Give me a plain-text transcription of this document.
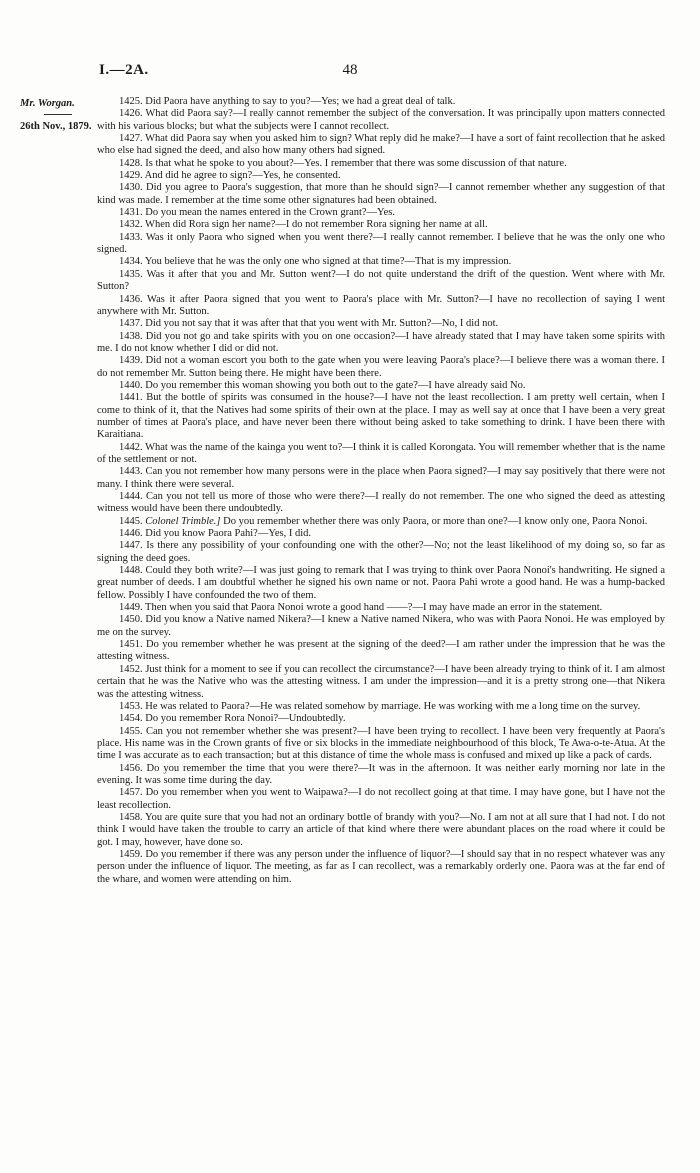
I.—2A.	48
Mr. Worgan.
26th Nov., 1879.

1425. Did Paora have anything to say to you?—Yes; we had a great deal of talk.

1426. What did Paora say?—I really cannot remember the subject of the conversation. It was principally upon matters connected with his various blocks; but what the subjects were I cannot recollect.

1427. What did Paora say when you asked him to sign? What reply did he make?—I have a sort of faint recollection that he asked who else had signed the deed, and also how many others had signed.

1428. Is that what he spoke to you about?—Yes. I remember that there was some discussion of that nature.

1429. And did he agree to sign?—Yes, he consented.

1430. Did you agree to Paora's suggestion, that more than he should sign?—I cannot remember whether any suggestion of that kind was made. I remember at the time some other signatures had been obtained.

1431. Do you mean the names entered in the Crown grant?—Yes.

1432. When did Rora sign her name?—I do not remember Rora signing her name at all.

1433. Was it only Paora who signed when you went there?—I really cannot remember. I believe that he was the only one who signed.

1434. You believe that he was the only one who signed at that time?—That is my impression.

1435. Was it after that you and Mr. Sutton went?—I do not quite understand the drift of the question. Went where with Mr. Sutton?

1436. Was it after Paora signed that you went to Paora's place with Mr. Sutton?—I have no recollection of saying I went anywhere with Mr. Sutton.

1437. Did you not say that it was after that that you went with Mr. Sutton?—No, I did not.

1438. Did you not go and take spirits with you on one occasion?—I have already stated that I may have taken some spirits with me. I do not know whether I did or did not.

1439. Did not a woman escort you both to the gate when you were leaving Paora's place?—I believe there was a woman there. I do not remember Mr. Sutton being there. He might have been there.

1440. Do you remember this woman showing you both out to the gate?—I have already said No.

1441. But the bottle of spirits was consumed in the house?—I have not the least recollection. I am pretty well certain, when I come to think of it, that the Natives had some spirits of their own at the place. I may as well say at once that I have been a very great number of times at Paora's place, and have never been there without being asked to take something to drink. I have been there with Karaitiana.

1442. What was the name of the kainga you went to?—I think it is called Korongata. You will remember whether that is the name of the settlement or not.

1443. Can you not remember how many persons were in the place when Paora signed?—I may say positively that there were not many. I think there were several.

1444. Can you not tell us more of those who were there?—I really do not remember. The one who signed the deed as attesting witness would have been there undoubtedly.

1445. Colonel Trimble.] Do you remember whether there was only Paora, or more than one?—I know only one, Paora Nonoi.

1446. Did you know Paora Pahi?—Yes, I did.

1447. Is there any possibility of your confounding one with the other?—No; not the least likelihood of my doing so, so far as signing the deed goes.

1448. Could they both write?—I was just going to remark that I was trying to think over Paora Nonoi's handwriting. He signed a great number of deeds. I am doubtful whether he signed his own name or not. Paora Pahi wrote a good hand. He was a hump-backed fellow. Possibly I have confounded the two of them.

1449. Then when you said that Paora Nonoi wrote a good hand ——?—I may have made an error in the statement.

1450. Did you know a Native named Nikera?—I knew a Native named Nikera, who was with Paora Nonoi. He was employed by me on the survey.

1451. Do you remember whether he was present at the signing of the deed?—I am rather under the impression that he was the attesting witness.

1452. Just think for a moment to see if you can recollect the circumstance?—I have been already trying to think of it. I am almost certain that he was the Native who was the attesting witness. I am under the impression—and it is a pretty strong one—that Nikera was the attesting witness.

1453. He was related to Paora?—He was related somehow by marriage. He was working with me a long time on the survey.

1454. Do you remember Rora Nonoi?—Undoubtedly.

1455. Can you not remember whether she was present?—I have been trying to recollect. I have been very frequently at Paora's place. His name was in the Crown grants of five or six blocks in the immediate neighbourhood of this block, Te Awa-o-te-Atua. At the time I was accurate as to each transaction; but at this distance of time the whole mass is confused and mixed up like a pack of cards.

1456. Do you remember the time that you were there?—It was in the afternoon. It was neither early morning nor late in the evening. It was some time during the day.

1457. Do you remember when you went to Waipawa?—I do not recollect going at that time. I may have gone, but I have not the least recollection.

1458. You are quite sure that you had not an ordinary bottle of brandy with you?—No. I am not at all sure that I had not. I do not think I would have taken the trouble to carry an article of that kind where there were abundant places on the road where it could be got. I may, however, have done so.

1459. Do you remember if there was any person under the influence of liquor?—I should say that in no respect whatever was any person under the influence of liquor. The meeting, as far as I can recollect, was a remarkably orderly one. Paora was at the far end of the whare, and women were attending on him.
